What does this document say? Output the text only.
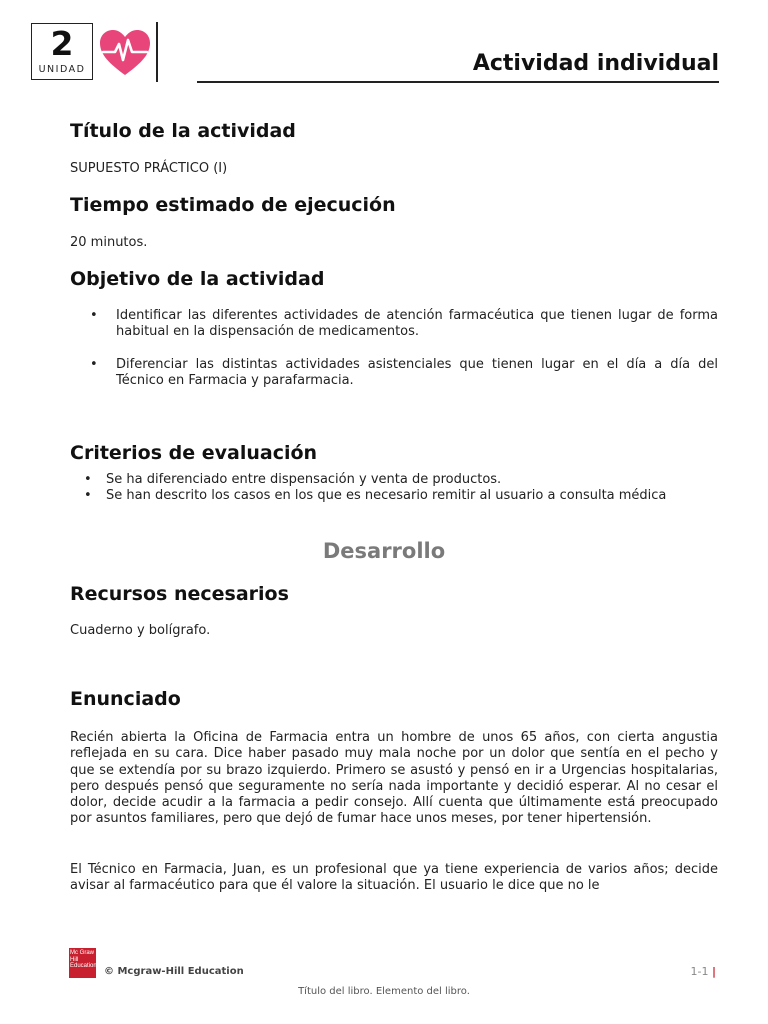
2
UNIDAD	Actividad individual
Título de la actividad

SUPUESTO PRÁCTICO (I)

Tiempo estimado de ejecución

20 minutos.

Objetivo de la actividad
• Identificar las diferentes actividades de atención farmacéutica que tienen lugar de forma habitual en la dispensación de medicamentos.
• Diferenciar las distintas actividades asistenciales que tienen lugar en el día a día del Técnico en Farmacia y parafarmacia.
Criterios de evaluación
• Se ha diferenciado entre dispensación y venta de productos.
• Se han descrito los casos en los que es necesario remitir al usuario a consulta médica
Desarrollo
Recursos necesarios

Cuaderno y bolígrafo.

Enunciado

Recién abierta la Oficina de Farmacia entra un hombre de unos 65 años, con cierta angustia reflejada en su cara. Dice haber pasado muy mala noche por un dolor que sentía en el pecho y que se extendía por su brazo izquierdo. Primero se asustó y pensó en ir a Urgencias hospitalarias, pero después pensó que seguramente no sería nada importante y decidió esperar. Al no cesar el dolor, decide acudir a la farmacia a pedir consejo. Allí cuenta que últimamente está preocupado por asuntos familiares, pero que dejó de fumar hace unos meses, por tener hipertensión.

El Técnico en Farmacia, Juan, es un profesional que ya tiene experiencia de varios años; decide avisar al farmacéutico para que él valore la situación. El usuario le dice que no le

Mc Graw Hill Education © Mcgraw-Hill Education	1-1 |
Título del libro. Elemento del libro.
